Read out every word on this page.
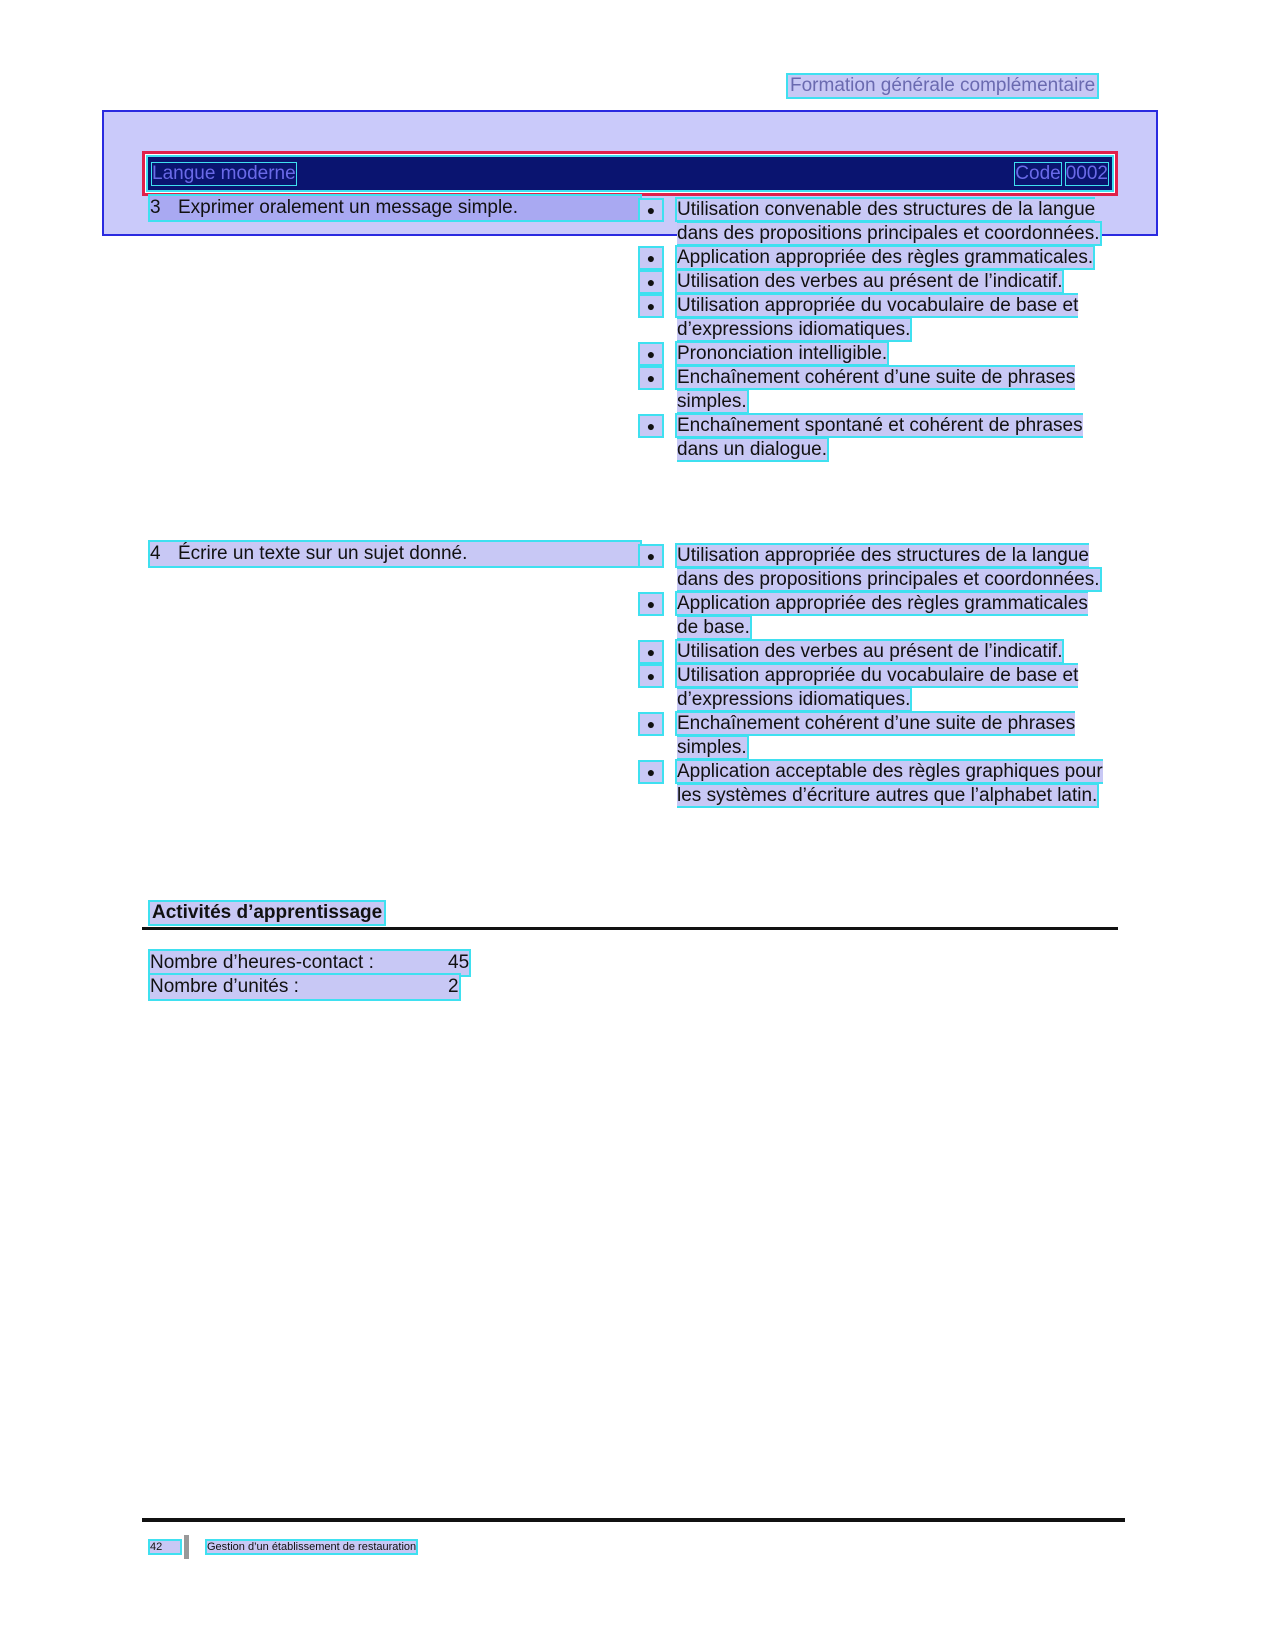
Formation générale complémentaire
Langue moderne	Code 0002
3 Exprimer oralement un message simple.	●	Utilisation convenable des structures de la langue dans des propositions principales et coordonnées.
●	Application appropriée des règles grammaticales.
●	Utilisation des verbes au présent de l’indicatif.
●	Utilisation appropriée du vocabulaire de base et d’expressions idiomatiques.
●	Prononciation intelligible.
●	Enchaînement cohérent d’une suite de phrases simples.
●	Enchaînement spontané et cohérent de phrases dans un dialogue.
4 Écrire un texte sur un sujet donné.	●	Utilisation appropriée des structures de la langue dans des propositions principales et coordonnées.
●	Application appropriée des règles grammaticales de base.
●	Utilisation des verbes au présent de l’indicatif.
●	Utilisation appropriée du vocabulaire de base et d’expressions idiomatiques.
●	Enchaînement cohérent d’une suite de phrases simples.
●	Application acceptable des règles graphiques pour les systèmes d’écriture autres que l’alphabet latin.
Activités d’apprentissage
Nombre d’heures-contact :	45
Nombre d’unités :	2
42	Gestion d’un établissement de restauration
